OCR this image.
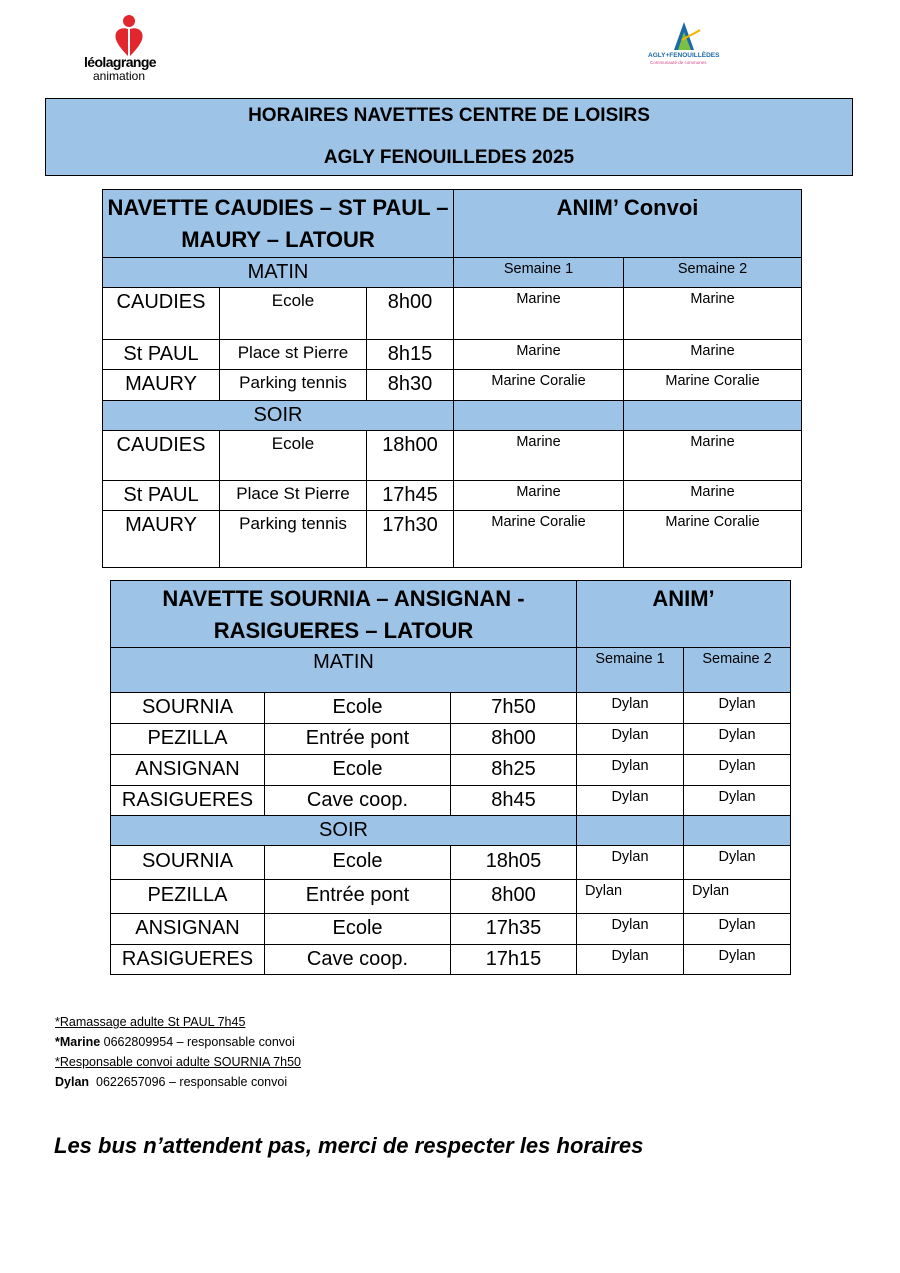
léolagrange
animation
AGLY+FENOUILLÈDES
Communauté de communes
HORAIRES NAVETTES CENTRE DE LOISIRS
AGLY FENOUILLEDES 2025
NAVETTE CAUDIES – ST PAUL – MAURY – LATOUR			ANIM’ Convoi	
MATIN			Semaine 1	Semaine 2
CAUDIES	Ecole	8h00	Marine	Marine
St PAUL	Place st Pierre	8h15	Marine	Marine
MAURY	Parking tennis	8h30	Marine Coralie	Marine Coralie
SOIR				
CAUDIES	Ecole	18h00	Marine	Marine
St PAUL	Place St Pierre	17h45	Marine	Marine
MAURY	Parking tennis	17h30	Marine Coralie	Marine Coralie
NAVETTE SOURNIA – ANSIGNAN - RASIGUERES – LATOUR			ANIM’	
MATIN			Semaine 1	Semaine 2
SOURNIA	Ecole	7h50	Dylan	Dylan
PEZILLA	Entrée pont	8h00	Dylan	Dylan
ANSIGNAN	Ecole	8h25	Dylan	Dylan
RASIGUERES	Cave coop.	8h45	Dylan	Dylan
SOIR				
SOURNIA	Ecole	18h05	Dylan	Dylan
PEZILLA	Entrée pont	8h00	Dylan	Dylan
ANSIGNAN	Ecole	17h35	Dylan	Dylan
RASIGUERES	Cave coop.	17h15	Dylan	Dylan
*Ramassage adulte St PAUL 7h45
*Marine 0662809954 – responsable convoi
*Responsable convoi adulte SOURNIA 7h50
Dylan  0622657096 – responsable convoi
Les bus n’attendent pas, merci de respecter les horaires
